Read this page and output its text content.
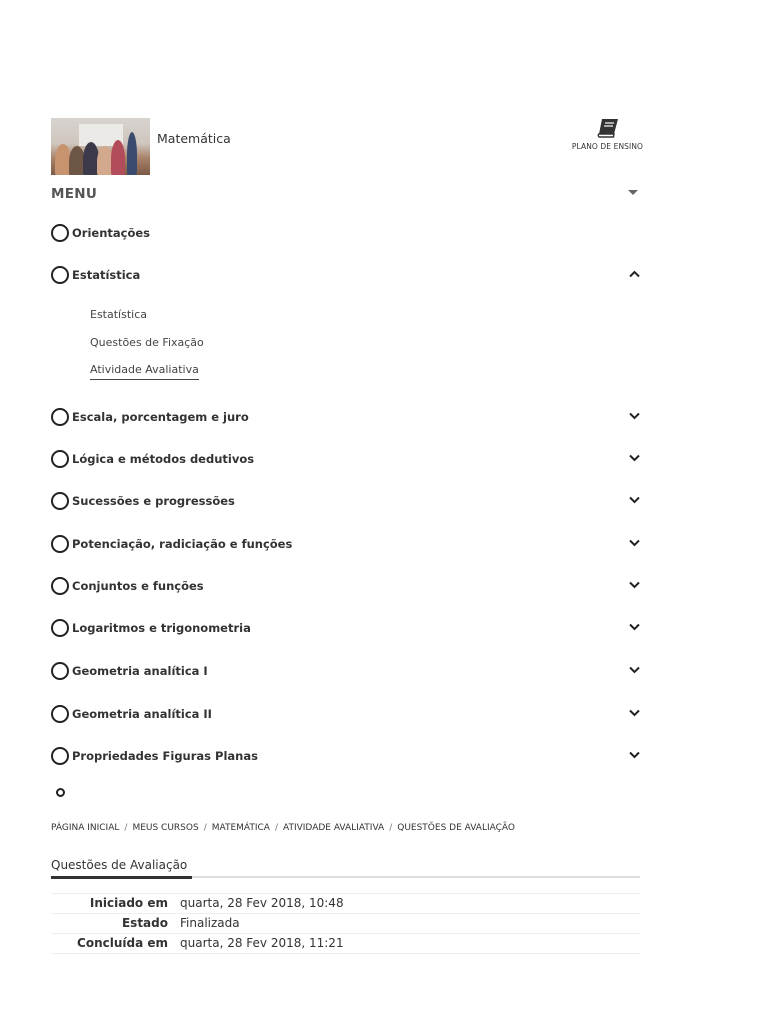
Matemática
PLANO DE ENSINO
MENU
Orientações
Estatística
Estatística
Questões de Fixação
Atividade Avaliativa
Escala, porcentagem e juro
Lógica e métodos dedutivos
Sucessões e progressões
Potenciação, radiciação e funções
Conjuntos e funções
Logaritmos e trigonometria
Geometria analítica I
Geometria analítica II
Propriedades Figuras Planas
PÁGINA INICIAL / MEUS CURSOS / MATEMÁTICA / ATIVIDADE AVALIATIVA / QUESTÕES DE AVALIAÇÃO
Questões de Avaliação
Iniciado em quarta, 28 Fev 2018, 10:48
Estado Finalizada
Concluída em quarta, 28 Fev 2018, 11:21
